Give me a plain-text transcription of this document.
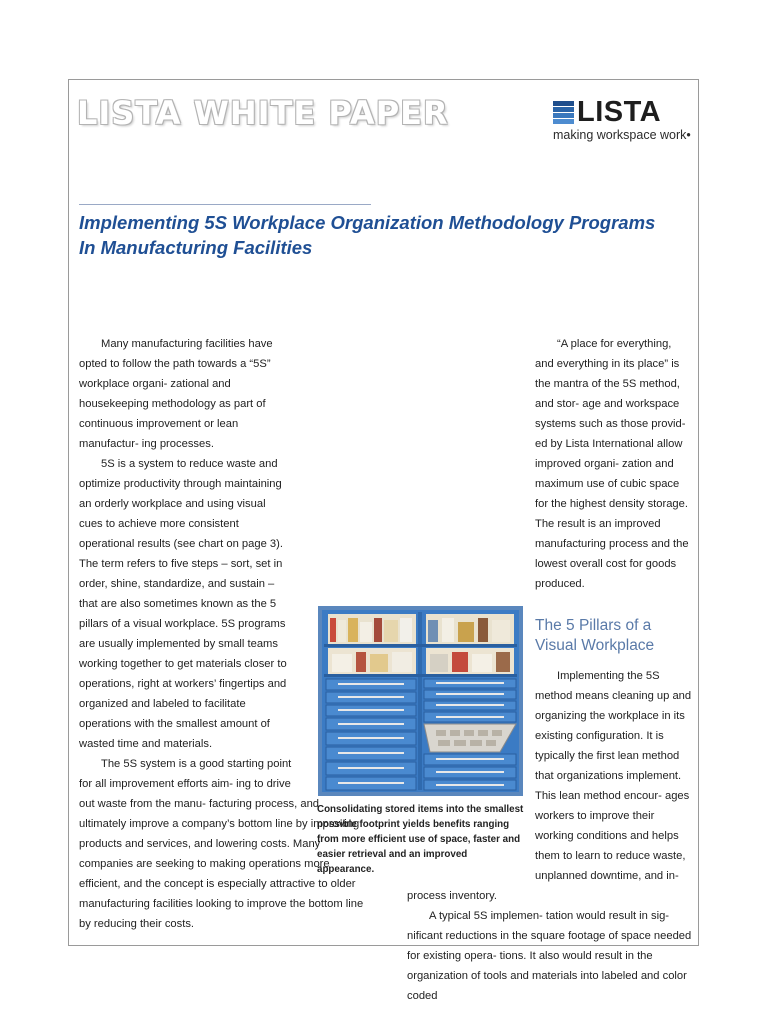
LISTA WHITE PAPER	LISTA

making workspace work•
Implementing 5S Workplace Organization Methodology Programs In Manufacturing Facilities

Many manufacturing facilities have opted to follow the path towards a “5S” workplace organi- zational and housekeeping methodology as part of continuous improvement or lean manufactur- ing processes.

5S is a system to reduce waste and optimize productivity through maintaining an orderly workplace and using visual cues to achieve more consistent operational results (see chart on page 3). The term refers to five steps – sort, set in order, shine, standardize, and sustain – that are also sometimes known as the 5 pillars of a visual workplace. 5S programs are usually implemented by small teams working together to get materials closer to operations, right at workers’ fingertips and organized and labeled to facilitate operations with the smallest amount of wasted time and materials.

The 5S system is a good starting point for all improvement efforts aim- ing to drive out waste from the manu- facturing process, and ultimately improve a company’s bottom line by improving products and services, and lowering costs. Many companies are seeking to making operations more efficient, and the concept is especially attractive to older manufacturing facilities looking to improve the bottom line by reducing their costs.

“A place for everything, and everything in its place” is the mantra of the 5S method, and stor- age and workspace systems such as those provid- ed by Lista International allow improved organi- zation and maximum use of cubic space for the highest density storage. The result is an improved manufacturing process and the lowest overall cost for goods produced.

The 5 Pillars of a Visual Workplace

Implementing the 5S method means cleaning up and organizing the workplace in its existing configuration. It is typically the first lean method that organizations implement. This lean method encour- ages workers to improve their working conditions and helps them to learn to reduce waste, unplanned downtime, and in-process inventory.

A typical 5S implemen- tation would result in sig- nificant reductions in the square footage of space needed for existing opera- tions. It also would result in the organization of tools and materials into labeled and color coded

Consolidating stored items into the smallest possible footprint yields benefits ranging from more efficient use of space, faster and easier retrieval and an improved appearance.
